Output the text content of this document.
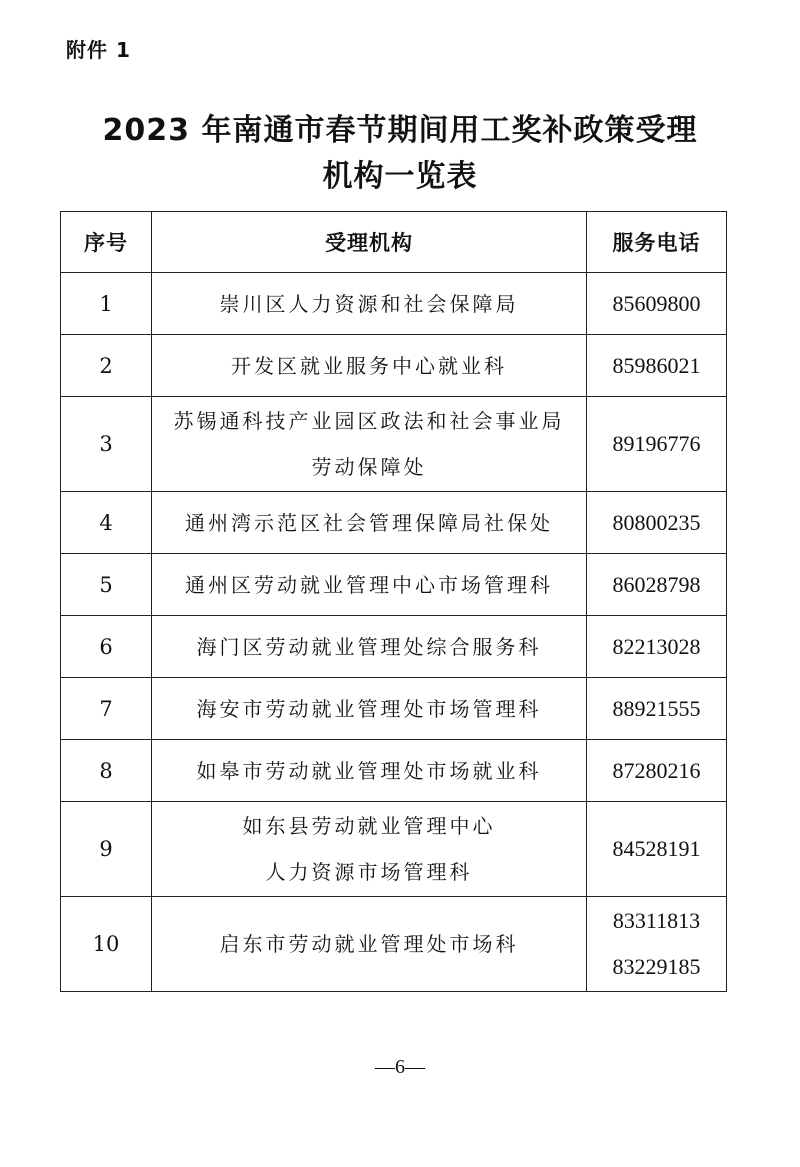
附件 1
2023 年南通市春节期间用工奖补政策受理
机构一览表
序号	受理机构	服务电话
1	崇川区人力资源和社会保障局	85609800

2	开发区就业服务中心就业科	85986021

3	苏锡通科技产业园区政法和社会事业局
劳动保障处	89196776

4	通州湾示范区社会管理保障局社保处	80800235

5	通州区劳动就业管理中心市场管理科	86028798

6	海门区劳动就业管理处综合服务科	82213028

7	海安市劳动就业管理处市场管理科	88921555

8	如皋市劳动就业管理处市场就业科	87280216

9	如东县劳动就业管理中心
人力资源市场管理科	84528191

10	启东市劳动就业管理处市场科	83311813
83229185
—6—
